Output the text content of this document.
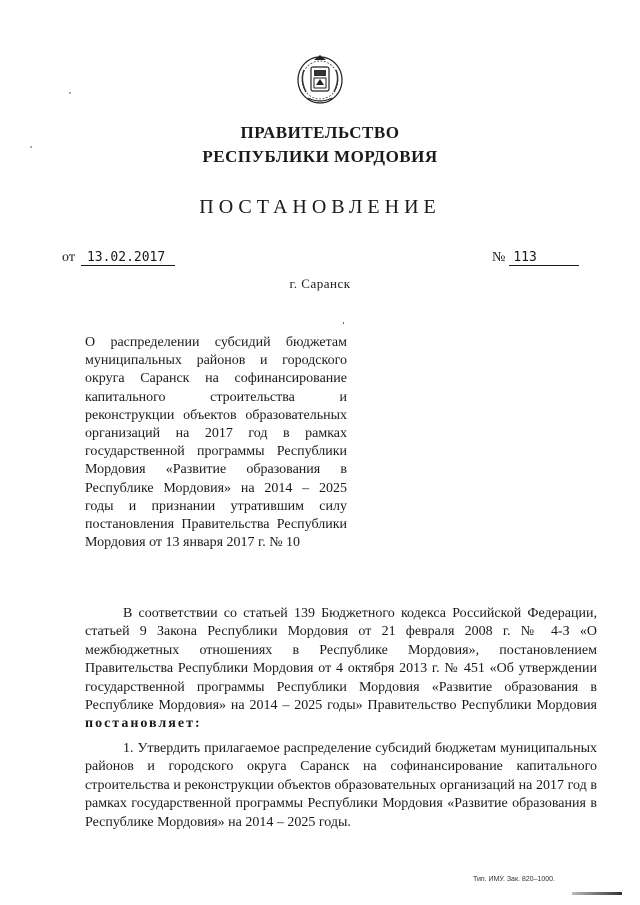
ПРАВИТЕЛЬСТВО
РЕСПУБЛИКИ МОРДОВИЯ
ПОСТАНОВЛЕНИЕ
от 13.02.2017	№ 113
г. Саранск
О распределении субсидий бюджетам муниципальных районов и городского округа Саранск на софинансирование капитального строительства и реконструкции объектов образовательных организаций на 2017 год в рамках государственной программы Республики Мордовия «Развитие образования в Республике Мордовия» на 2014 – 2025 годы и признании утратившим силу постановления Правительства Республики Мордовия от 13 января 2017 г. № 10
В соответствии со статьей 139 Бюджетного кодекса Российской Федерации, статьей 9 Закона Республики Мордовия от 21 февраля 2008 г. № 4-З «О межбюджетных отношениях в Республике Мордовия», постановлением Правительства Республики Мордовия от 4 октября 2013 г. № 451 «Об утверждении государственной программы Республики Мордовия «Развитие образования в Республике Мордовия» на 2014 – 2025 годы» Правительство Республики Мордовия постановляет:
1. Утвердить прилагаемое распределение субсидий бюджетам муниципальных районов и городского округа Саранск на софинансирование капитального строительства и реконструкции объектов образовательных организаций на 2017 год в рамках государственной программы Республики Мордовия «Развитие образования в Республике Мордовия» на 2014 – 2025 годы.
Тип. ИМУ. Зак. 820–1000.
